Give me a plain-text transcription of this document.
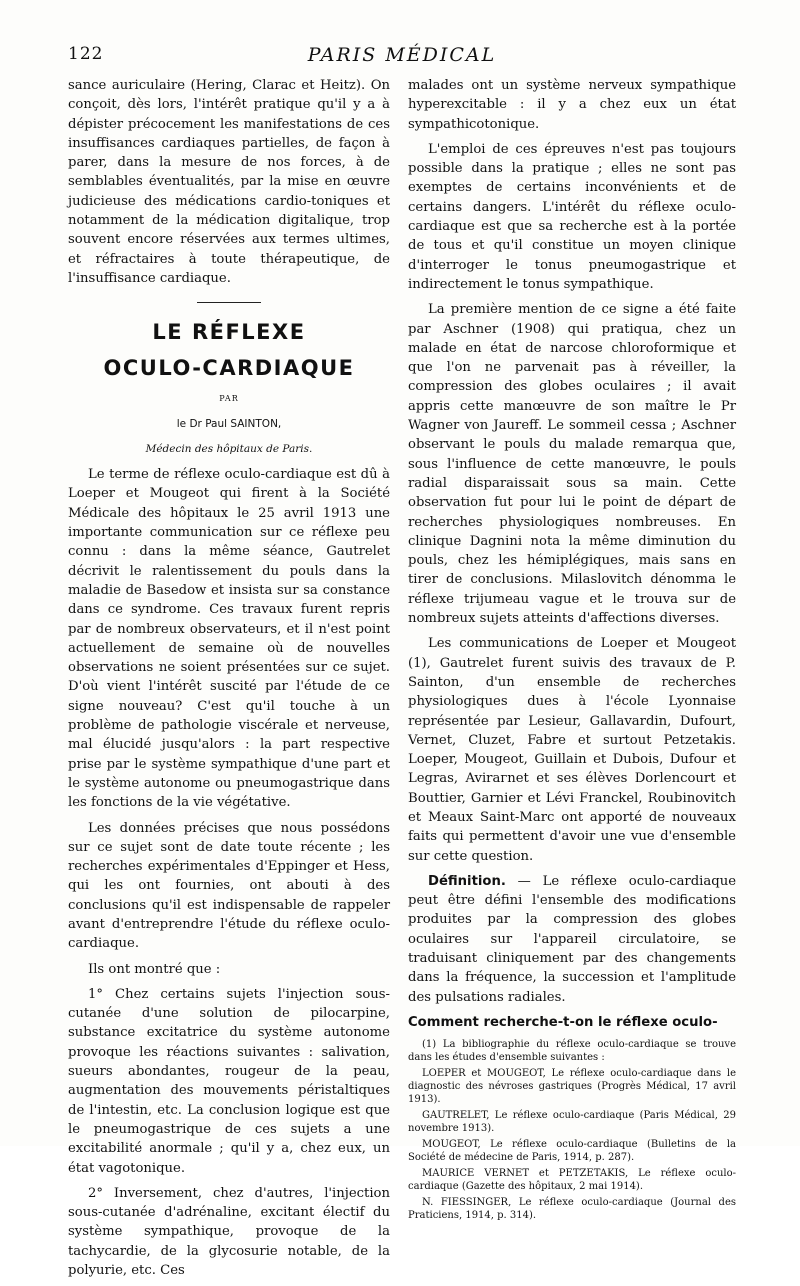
122	PARIS MÉDICAL

sance auriculaire (Hering, Clarac et Heitz). On conçoit, dès lors, l'intérêt pratique qu'il y a à dépister précocement les manifestations de ces insuffisances cardiaques partielles, de façon à parer, dans la mesure de nos forces, à de semblables éventualités, par la mise en œuvre judicieuse des médications cardio-toniques et notamment de la médication digitalique, trop souvent encore réservées aux termes ultimes, et réfractaires à toute thérapeutique, de l'insuffisance cardiaque.

LE RÉFLEXE

OCULO-CARDIAQUE

PAR

le Dr Paul SAINTON,

Médecin des hôpitaux de Paris.

Le terme de réflexe oculo-cardiaque est dû à Loeper et Mougeot qui firent à la Société Médicale des hôpitaux le 25 avril 1913 une importante communication sur ce réflexe peu connu : dans la même séance, Gautrelet décrivit le ralentissement du pouls dans la maladie de Basedow et insista sur sa constance dans ce syndrome. Ces travaux furent repris par de nombreux observateurs, et il n'est point actuellement de semaine où de nouvelles observations ne soient présentées sur ce sujet. D'où vient l'intérêt suscité par l'étude de ce signe nouveau? C'est qu'il touche à un problème de pathologie viscérale et nerveuse, mal élucidé jusqu'alors : la part respective prise par le système sympathique d'une part et le système autonome ou pneumogastrique dans les fonctions de la vie végétative.

Les données précises que nous possédons sur ce sujet sont de date toute récente ; les recherches expérimentales d'Eppinger et Hess, qui les ont fournies, ont abouti à des conclusions qu'il est indispensable de rappeler avant d'entreprendre l'étude du réflexe oculo-cardiaque.

Ils ont montré que :

1° Chez certains sujets l'injection sous-cutanée d'une solution de pilocarpine, substance excitatrice du système autonome provoque les réactions suivantes : salivation, sueurs abondantes, rougeur de la peau, augmentation des mouvements péristaltiques de l'intestin, etc. La conclusion logique est que le pneumogastrique de ces sujets a une excitabilité anormale ; qu'il y a, chez eux, un état vagotonique.

2° Inversement, chez d'autres, l'injection sous-cutanée d'adrénaline, excitant électif du système sympathique, provoque de la tachycardie, de la glycosurie notable, de la polyurie, etc. Ces

malades ont un système nerveux sympathique hyperexcitable : il y a chez eux un état sympathicotonique.

L'emploi de ces épreuves n'est pas toujours possible dans la pratique ; elles ne sont pas exemptes de certains inconvénients et de certains dangers. L'intérêt du réflexe oculo-cardiaque est que sa recherche est à la portée de tous et qu'il constitue un moyen clinique d'interroger le tonus pneumogastrique et indirectement le tonus sympathique.

La première mention de ce signe a été faite par Aschner (1908) qui pratiqua, chez un malade en état de narcose chloroformique et que l'on ne parvenait pas à réveiller, la compression des globes oculaires ; il avait appris cette manœuvre de son maître le Pr Wagner von Jaureff. Le sommeil cessa ; Aschner observant le pouls du malade remarqua que, sous l'influence de cette manœuvre, le pouls radial disparaissait sous sa main. Cette observation fut pour lui le point de départ de recherches physiologiques nombreuses. En clinique Dagnini nota la même diminution du pouls, chez les hémiplégiques, mais sans en tirer de conclusions. Milaslovitch dénomma le réflexe trijumeau vague et le trouva sur de nombreux sujets atteints d'affections diverses.

Les communications de Loeper et Mougeot (1), Gautrelet furent suivis des travaux de P. Sainton, d'un ensemble de recherches physiologiques dues à l'école Lyonnaise représentée par Lesieur, Gallavardin, Dufourt, Vernet, Cluzet, Fabre et surtout Petzetakis. Loeper, Mougeot, Guillain et Dubois, Dufour et Legras, Avirагnet et ses élèves Dorlencourt et Bouttier, Garnier et Lévi Franckel, Roubinovitch et Meaux Saint-Marc ont apporté de nouveaux faits qui permettent d'avoir une vue d'ensemble sur cette question.

Définition. — Le réflexe oculo-cardiaque peut être défini l'ensemble des modifications produites par la compression des globes oculaires sur l'appareil circulatoire, se traduisant cliniquement par des changements dans la fréquence, la succession et l'amplitude des pulsations radiales.

Comment recherche-t-on le réflexe oculo-

(1) La bibliographie du réflexe oculo-cardiaque se trouve dans les études d'ensemble suivantes :

LOEPER et MOUGEOT, Le réflexe oculo-cardiaque dans le diagnostic des névroses gastriques (Progrès Médical, 17 avril 1913).

GAUTRELET, Le réflexe oculo-cardiaque (Paris Médical, 29 novembre 1913).

MOUGEOT, Le réflexe oculo-cardiaque (Bulletins de la Société de médecine de Paris, 1914, p. 287).

MAURICE VERNET et PETZETAKIS, Le réflexe oculo-cardiaque (Gazette des hôpitaux, 2 mai 1914).

N. FIESSINGER, Le réflexe oculo-cardiaque (Journal des Praticiens, 1914, p. 314).
